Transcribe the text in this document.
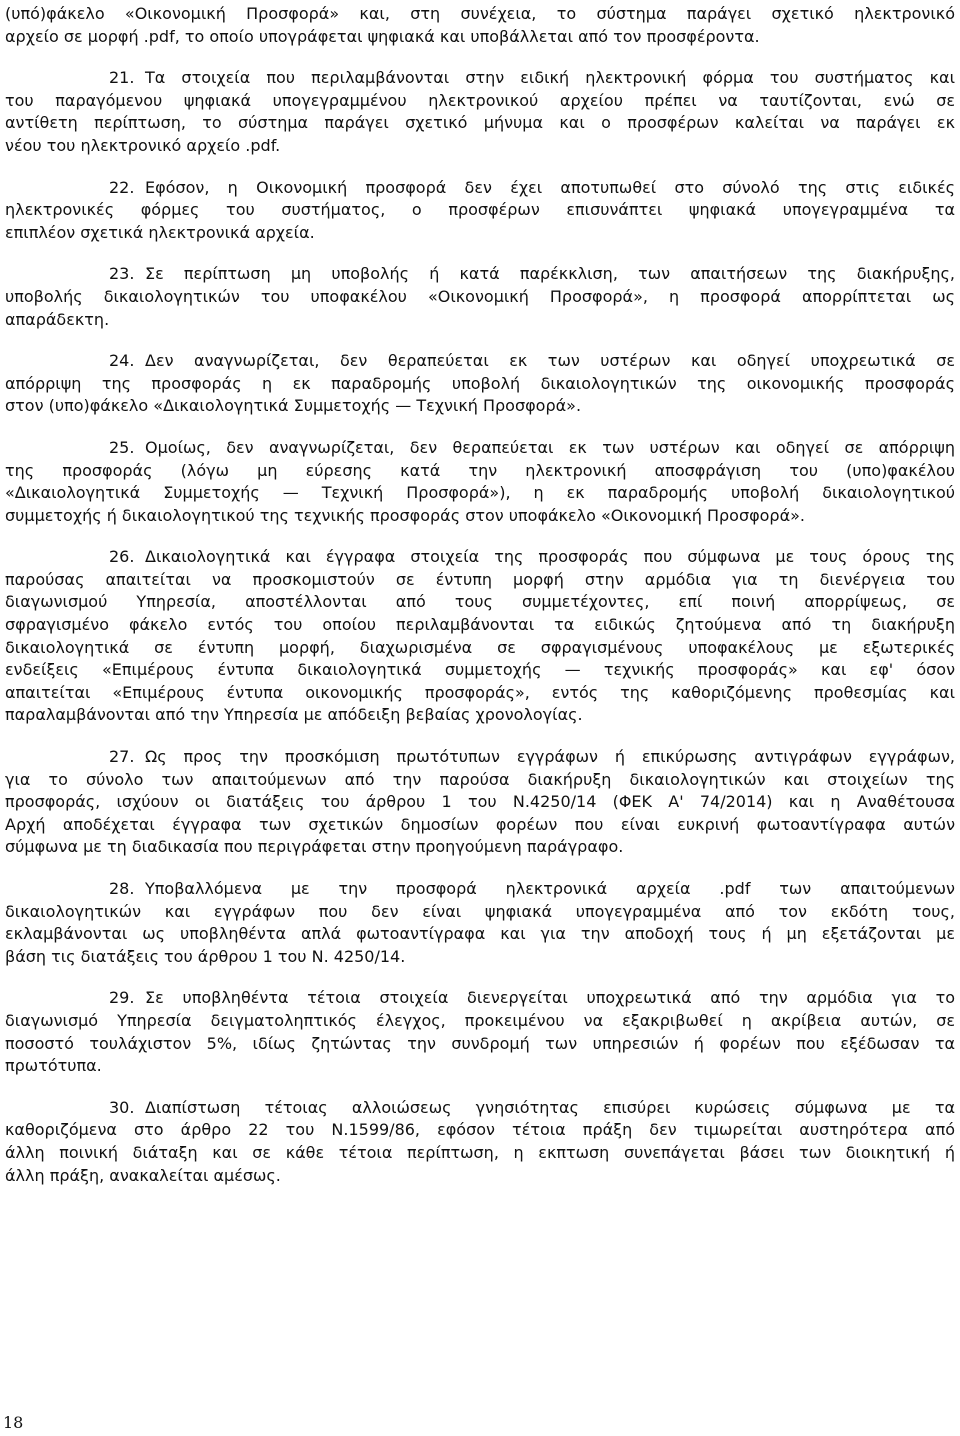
(υπό)φάκελο «Οικονομική Προσφορά» και, στη συνέχεια, το σύστημα παράγει σχετικό ηλεκτρονικό
αρχείο σε μορφή .pdf, το οποίο υπογράφεται ψηφιακά και υποβάλλεται από τον προσφέροντα.
21. Τα στοιχεία που περιλαμβάνονται στην ειδική ηλεκτρονική φόρμα του συστήματος και
του παραγόμενου ψηφιακά υπογεγραμμένου ηλεκτρονικού αρχείου πρέπει να ταυτίζονται, ενώ σε
αντίθετη περίπτωση, το σύστημα παράγει σχετικό μήνυμα και ο προσφέρων καλείται να παράγει εκ
νέου του ηλεκτρονικό αρχείο .pdf.
22. Εφόσον, η Οικονομική προσφορά δεν έχει αποτυπωθεί στο σύνολό της στις ειδικές
ηλεκτρονικές φόρμες του συστήματος, ο προσφέρων επισυνάπτει ψηφιακά υπογεγραμμένα τα
επιπλέον σχετικά ηλεκτρονικά αρχεία.
23. Σε περίπτωση μη υποβολής ή κατά παρέκκλιση, των απαιτήσεων της διακήρυξης,
υποβολής δικαιολογητικών του υποφακέλου «Οικονομική Προσφορά», η προσφορά απορρίπτεται ως
απαράδεκτη.
24. Δεν αναγνωρίζεται, δεν θεραπεύεται εκ των υστέρων και οδηγεί υποχρεωτικά σε
απόρριψη της προσφοράς η εκ παραδρομής υποβολή δικαιολογητικών της οικονομικής προσφοράς
στον (υπο)φάκελο «Δικαιολογητικά Συμμετοχής — Τεχνική Προσφορά».
25. Ομοίως, δεν αναγνωρίζεται, δεν θεραπεύεται εκ των υστέρων και οδηγεί σε απόρριψη
της προσφοράς (λόγω μη εύρεσης κατά την ηλεκτρονική αποσφράγιση του (υπο)φακέλου
«Δικαιολογητικά Συμμετοχής — Τεχνική Προσφορά»), η εκ παραδρομής υποβολή δικαιολογητικού
συμμετοχής ή δικαιολογητικού της τεχνικής προσφοράς στον υποφάκελο «Οικονομική Προσφορά».
26. Δικαιολογητικά και έγγραφα στοιχεία της προσφοράς που σύμφωνα με τους όρους της
παρούσας απαιτείται να προσκομιστούν σε έντυπη μορφή στην αρμόδια για τη διενέργεια του
διαγωνισμού Υπηρεσία, αποστέλλονται από τους συμμετέχοντες, επί ποινή απορρίψεως, σε
σφραγισμένο φάκελο εντός του οποίου περιλαμβάνονται τα ειδικώς ζητούμενα από τη διακήρυξη
δικαιολογητικά σε έντυπη μορφή, διαχωρισμένα σε σφραγισμένους υποφακέλους με εξωτερικές
ενδείξεις «Επιμέρους έντυπα δικαιολογητικά συμμετοχής — τεχνικής προσφοράς» και εφ' όσον
απαιτείται «Επιμέρους έντυπα οικονομικής προσφοράς», εντός της καθοριζόμενης προθεσμίας και
παραλαμβάνονται από την Υπηρεσία με απόδειξη βεβαίας χρονολογίας.
27. Ως προς την προσκόμιση πρωτότυπων εγγράφων ή επικύρωσης αντιγράφων εγγράφων,
για το σύνολο των απαιτούμενων από την παρούσα διακήρυξη δικαιολογητικών και στοιχείων της
προσφοράς, ισχύουν οι διατάξεις του άρθρου 1 του Ν.4250/14 (ΦΕΚ Α' 74/2014) και η Αναθέτουσα
Αρχή αποδέχεται έγγραφα των σχετικών δημοσίων φορέων που είναι ευκρινή φωτοαντίγραφα αυτών
σύμφωνα με τη διαδικασία που περιγράφεται στην προηγούμενη παράγραφο.
28. Υποβαλλόμενα με την προσφορά ηλεκτρονικά αρχεία .pdf των απαιτούμενων
δικαιολογητικών και εγγράφων που δεν είναι ψηφιακά υπογεγραμμένα από τον εκδότη τους,
εκλαμβάνονται ως υποβληθέντα απλά φωτοαντίγραφα και για την αποδοχή τους ή μη εξετάζονται με
βάση τις διατάξεις του άρθρου 1 του Ν. 4250/14.
29. Σε υποβληθέντα τέτοια στοιχεία διενεργείται υποχρεωτικά από την αρμόδια για το
διαγωνισμό Υπηρεσία δειγματοληπτικός έλεγχος, προκειμένου να εξακριβωθεί η ακρίβεια αυτών, σε
ποσοστό τουλάχιστον 5%, ιδίως ζητώντας την συνδρομή των υπηρεσιών ή φορέων που εξέδωσαν τα
πρωτότυπα.
30. Διαπίστωση τέτοιας αλλοιώσεως γνησιότητας επισύρει κυρώσεις σύμφωνα με τα
καθοριζόμενα στο άρθρο 22 του Ν.1599/86, εφόσον τέτοια πράξη δεν τιμωρείται αυστηρότερα από
άλλη ποινική διάταξη και σε κάθε τέτοια περίπτωση, η εκπτωση συνεπάγεται βάσει των διοικητική ή
άλλη πράξη, ανακαλείται αμέσως.
18
